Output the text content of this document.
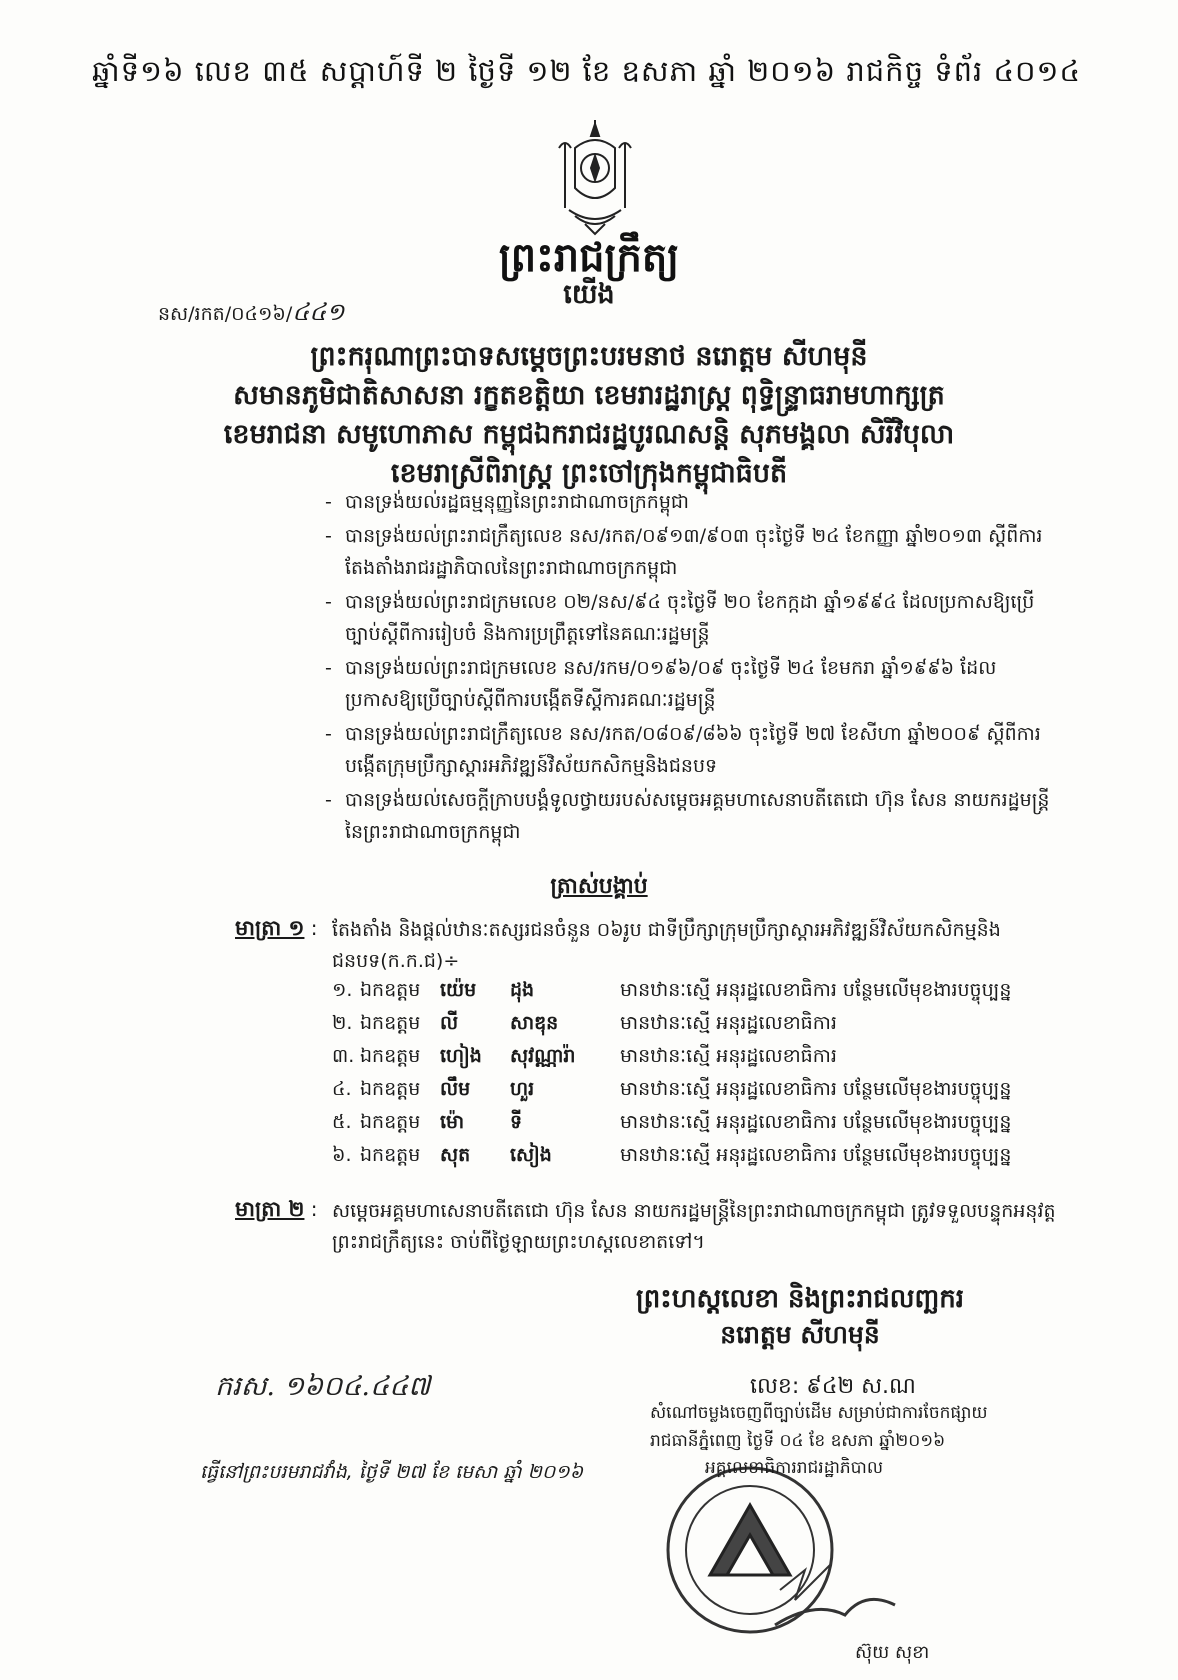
ឆ្នាំទី១៦ លេខ ៣៥ សប្តាហ៍ទី ២ ថ្ងៃទី ១២ ខែ ឧសភា ឆ្នាំ ២០១៦ រាជកិច្ច ទំព័រ ៤០១៤
ព្រះរាជក្រឹត្យ
យើង
នស/រកត/០៤១៦/៤៤១
ព្រះករុណាព្រះបាទសម្តេចព្រះបរមនាថ នរោត្តម សីហមុនី
សមានភូមិជាតិសាសនា រក្ខតខត្តិយា ខេមរារដ្ឋរាស្ត្រ ពុទ្ធិន្ទ្រាធរាមហាក្សត្រ
ខេមរាជនា សមូហោភាស កម្ពុជឯករាជរដ្ឋបូរណសន្តិ សុភមង្គលា សិរីវិបុលា
ខេមរាស្រីពិរាស្ត្រ ព្រះចៅក្រុងកម្ពុជាធិបតី
- បានទ្រង់យល់រដ្ឋធម្មនុញ្ញនៃព្រះរាជាណាចក្រកម្ពុជា
- បានទ្រង់យល់ព្រះរាជក្រឹត្យលេខ នស/រកត/០៩១៣/៩០៣ ចុះថ្ងៃទី ២៤ ខែកញ្ញា ឆ្នាំ២០១៣ ស្តីពីការតែងតាំងរាជរដ្ឋាភិបាលនៃព្រះរាជាណាចក្រកម្ពុជា
- បានទ្រង់យល់ព្រះរាជក្រមលេខ ០២/នស/៩៤ ចុះថ្ងៃទី ២០ ខែកក្កដា ឆ្នាំ១៩៩៤ ដែលប្រកាសឱ្យប្រើច្បាប់ស្តីពីការរៀបចំ និងការប្រព្រឹត្តទៅនៃគណៈរដ្ឋមន្ត្រី
- បានទ្រង់យល់ព្រះរាជក្រមលេខ នស/រកម/០១៩៦/០៩ ចុះថ្ងៃទី ២៤ ខែមករា ឆ្នាំ១៩៩៦ ដែលប្រកាសឱ្យប្រើច្បាប់ស្តីពីការបង្កើតទីស្តីការគណៈរដ្ឋមន្ត្រី
- បានទ្រង់យល់ព្រះរាជក្រឹត្យលេខ នស/រកត/០៨០៩/៨៦៦ ចុះថ្ងៃទី ២៧ ខែសីហា ឆ្នាំ២០០៩ ស្តីពីការបង្កើតក្រុមប្រឹក្សាស្តារអភិវឌ្ឍន៍វិស័យកសិកម្មនិងជនបទ
- បានទ្រង់យល់សេចក្តីក្រាបបង្គំទូលថ្វាយរបស់សម្តេចអគ្គមហាសេនាបតីតេជោ ហ៊ុន សែន នាយករដ្ឋមន្ត្រីនៃព្រះរាជាណាចក្រកម្ពុជា
ត្រាស់បង្គាប់
មាត្រា ១ : តែងតាំង និងផ្តល់ឋានៈតស្សរជនចំនួន ០៦រូប ជាទីប្រឹក្សាក្រុមប្រឹក្សាស្តារអភិវឌ្ឍន៍វិស័យកសិកម្មនិងជនបទ(ក.ក.ជ)÷
១. ឯកឧត្តម	យ៉េម	ដុង	មានឋានៈស្មើ អនុរដ្ឋលេខាធិការ បន្ថែមលើមុខងារបច្ចុប្បន្ន
២. ឯកឧត្តម	លី	សាឌុន	មានឋានៈស្មើ អនុរដ្ឋលេខាធិការ
៣. ឯកឧត្តម	ហៀង	សុវណ្ណារ៉ា	មានឋានៈស្មើ អនុរដ្ឋលេខាធិការ
៤. ឯកឧត្តម	លឹម	ហួរ	មានឋានៈស្មើ អនុរដ្ឋលេខាធិការ បន្ថែមលើមុខងារបច្ចុប្បន្ន
៥. ឯកឧត្តម	ម៉ោ	ទី	មានឋានៈស្មើ អនុរដ្ឋលេខាធិការ បន្ថែមលើមុខងារបច្ចុប្បន្ន
៦. ឯកឧត្តម	សុត	សៀង	មានឋានៈស្មើ អនុរដ្ឋលេខាធិការ បន្ថែមលើមុខងារបច្ចុប្បន្ន
មាត្រា ២ : សម្តេចអគ្គមហាសេនាបតីតេជោ ហ៊ុន សែន នាយករដ្ឋមន្ត្រីនៃព្រះរាជាណាចក្រកម្ពុជា ត្រូវទទួលបន្ទុកអនុវត្តព្រះរាជក្រឹត្យនេះ ចាប់ពីថ្ងៃឡាយព្រះហស្តលេខាតទៅ។
ព្រះហស្តលេខា និងព្រះរាជលញ្ឆករ
នរោត្តម សីហមុនី
ករស. ១៦០៤.៤៤៧
ធ្វើនៅព្រះបរមរាជវាំង, ថ្ងៃទី ២៧ ខែ មេសា ឆ្នាំ ២០១៦
លេខ: ៩៤២ ស.ណ
សំណៅចម្លងចេញពីច្បាប់ដើម សម្រាប់ជាការចែកផ្សាយ
រាជធានីភ្នំពេញ ថ្ងៃទី ០៤ ខែ ឧសភា ឆ្នាំ២០១៦
អគ្គលេខាធិការរាជរដ្ឋាភិបាល
ស៊ុយ សុខា
